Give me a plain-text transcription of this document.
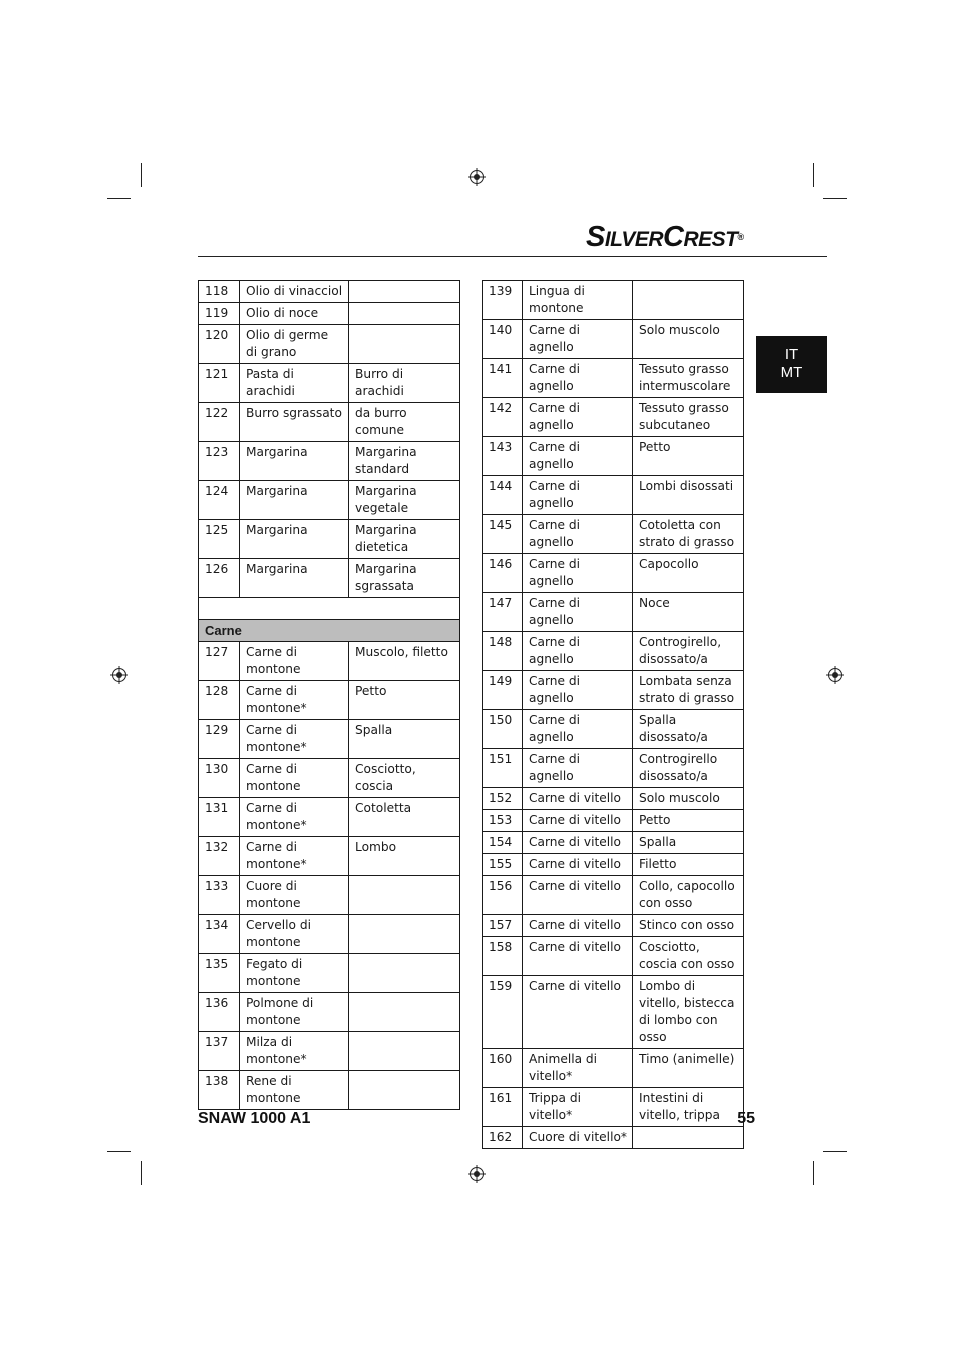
SILVERCREST®
IT
MT
118	Olio di vinacciol	
119	Olio di noce	
120	Olio di germe di grano	
121	Pasta di arachidi	Burro di arachidi
122	Burro sgrassato	da burro comune
123	Margarina	Margarina standard
124	Margarina	Margarina vegetale
125	Margarina	Margarina dietetica
126	Margarina	Margarina sgrassata

Carne		
127	Carne di montone	Muscolo, filetto
128	Carne di montone*	Petto
129	Carne di montone*	Spalla
130	Carne di montone	Cosciotto, coscia
131	Carne di montone*	Cotoletta
132	Carne di montone*	Lombo
133	Cuore di montone	
134	Cervello di montone	
135	Fegato di montone	
136	Polmone di montone	
137	Milza di montone*	
138	Rene di montone	
139	Lingua di montone	
140	Carne di agnello	Solo muscolo
141	Carne di agnello	Tessuto grasso intermuscolare
142	Carne di agnello	Tessuto grasso subcutaneo
143	Carne di agnello	Petto
144	Carne di agnello	Lombi disossati
145	Carne di agnello	Cotoletta con strato di grasso
146	Carne di agnello	Capocollo
147	Carne di agnello	Noce
148	Carne di agnello	Controgirello, disossato/a
149	Carne di agnello	Lombata senza strato di grasso
150	Carne di agnello	Spalla disossato/a
151	Carne di agnello	Controgirello disossato/a
152	Carne di vitello	Solo muscolo
153	Carne di vitello	Petto
154	Carne di vitello	Spalla
155	Carne di vitello	Filetto
156	Carne di vitello	Collo, capocollo con osso
157	Carne di vitello	Stinco con osso
158	Carne di vitello	Cosciotto, coscia con osso
159	Carne di vitello	Lombo di vitello, bistecca di lombo con osso
160	Animella di vitello*	Timo (animelle)
161	Trippa di vitello*	Intestini di vitello, trippa
162	Cuore di vitello*	
SNAW 1000 A1	55
